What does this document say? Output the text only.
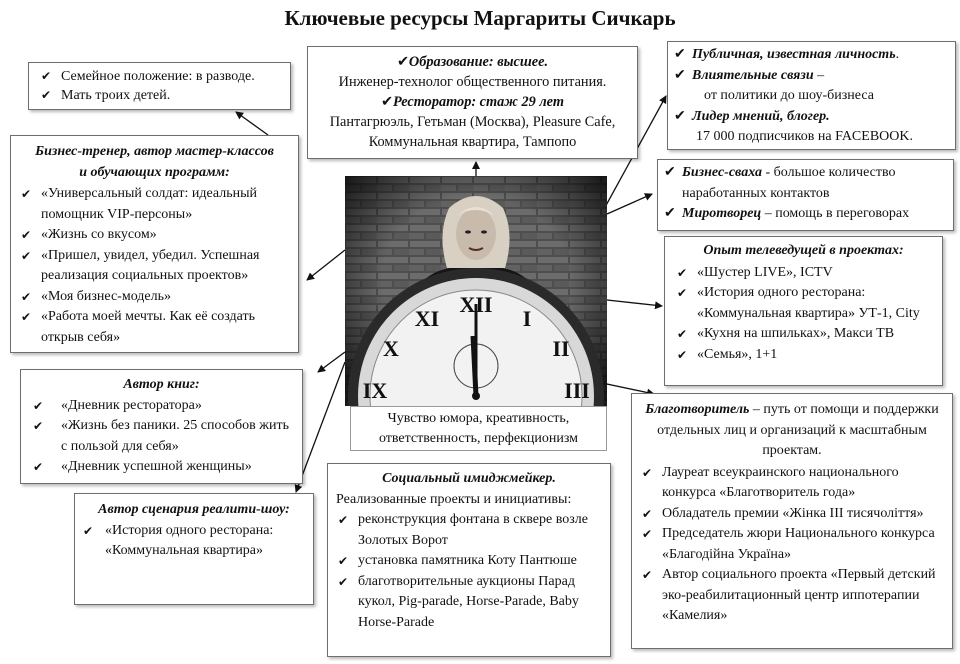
Ключевые ресурсы Маргариты Сичкарь
✔ Семейное положение: в разводе.
✔ Мать троих детей.
✔Образование: высшее.
Инженер-технолог общественного питания.
✔Ресторатор: стаж 29 лет
Пантагрюэль, Гетьман (Москва), Pleasure Cafe,
Коммунальная квартира, Тампопо
✔ Публичная, известная личность.
✔ Влиятельные связи –
от политики до шоу-бизнеса
✔ Лидер мнений, блогер.
17 000 подписчиков на FACEBOOK.
✔ Бизнес-сваха - большое количество
наработанных контактов
✔ Миротворец – помощь в переговорах
Бизнес-тренер, автор мастер-классов и обучающих программ:
✔ «Универсальный солдат: идеальный помощник VIP-персоны»
✔ «Жизнь со вкусом»
✔ «Пришел, увидел, убедил. Успешная реализация социальных проектов»
✔ «Моя бизнес-модель»
✔ «Работа моей мечты. Как её создать открыв себя»
Опыт телеведущей в проектах:
✔ «Шустер LIVE», ICTV
✔ «История одного ресторана: «Коммунальная квартира» УТ-1, City
✔ «Кухня на шпильках», Макси ТВ
✔ «Семья», 1+1
XII
I
II
XI
X
III
IX
Чувство юмора, креативность,
ответственность, перфекционизм
Автор книг:
✔ «Дневник ресторатора»
✔ «Жизнь без паники. 25 способов жить с пользой для себя»
✔ «Дневник успешной женщины»
Благотворитель – путь от помощи и поддержки отдельных лиц и организаций к масштабным проектам.
✔ Лауреат всеукраинского национального конкурса «Благотворитель года»
✔ Обладатель премии «Жінка ІІІ тисячоліття»
✔ Председатель жюри Национального конкурса «Благодійна Україна»
✔ Автор социального проекта «Первый детский эко-реабилитационный центр иппотерапии «Камелия»
Автор сценария реалити-шоу:
✔ «История одного ресторана: «Коммунальная квартира»
Социальный имиджмейкер.
Реализованные проекты и инициативы:
✔ реконструкция фонтана в сквере возле Золотых Ворот
✔ установка памятника Коту Пантюше
✔ благотворительные аукционы Парад кукол, Pig-parade, Horse-Parade, Baby Horse-Parade
